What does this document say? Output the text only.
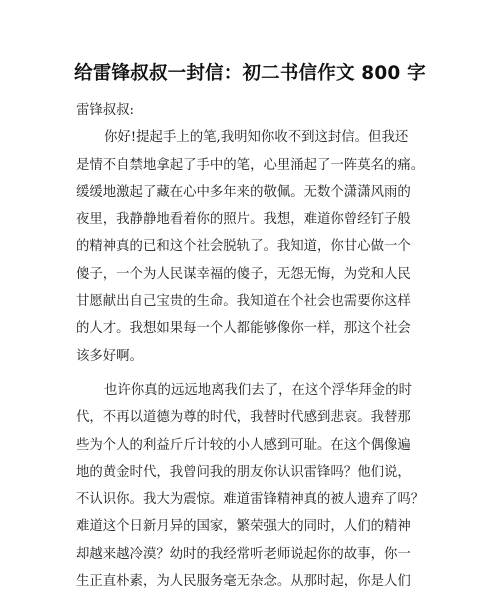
给雷锋叔叔一封信：初二书信作文 800 字
雷锋叔叔:
你好!提起手上的笔,我明知你收不到这封信。但我还
是情不自禁地拿起了手中的笔，心里涌起了一阵莫名的痛。
缓缓地激起了藏在心中多年来的敬佩。无数个潇潇风雨的
夜里，我静静地看着你的照片。我想，难道你曾经钉子般
的精神真的已和这个社会脱轨了。我知道，你甘心做一个
傻子，一个为人民谋幸福的傻子，无怨无悔，为党和人民
甘愿献出自己宝贵的生命。我知道在个社会也需要你这样
的人才。我想如果每一个人都能够像你一样，那这个社会
该多好啊。
也许你真的远远地离我们去了，在这个浮华拜金的时
代，不再以道德为尊的时代，我替时代感到悲哀。我替那
些为个人的利益斤斤计较的小人感到可耻。在这个偶像遍
地的黄金时代，我曾问我的朋友你认识雷锋吗？他们说，
不认识你。我大为震惊。难道雷锋精神真的被人遗弃了吗？
难道这个日新月异的国家，繁荣强大的同时，人们的精神
却越来越冷漠？幼时的我经常听老师说起你的故事，你一
生正直朴素，为人民服务毫无杂念。从那时起，你是人们
